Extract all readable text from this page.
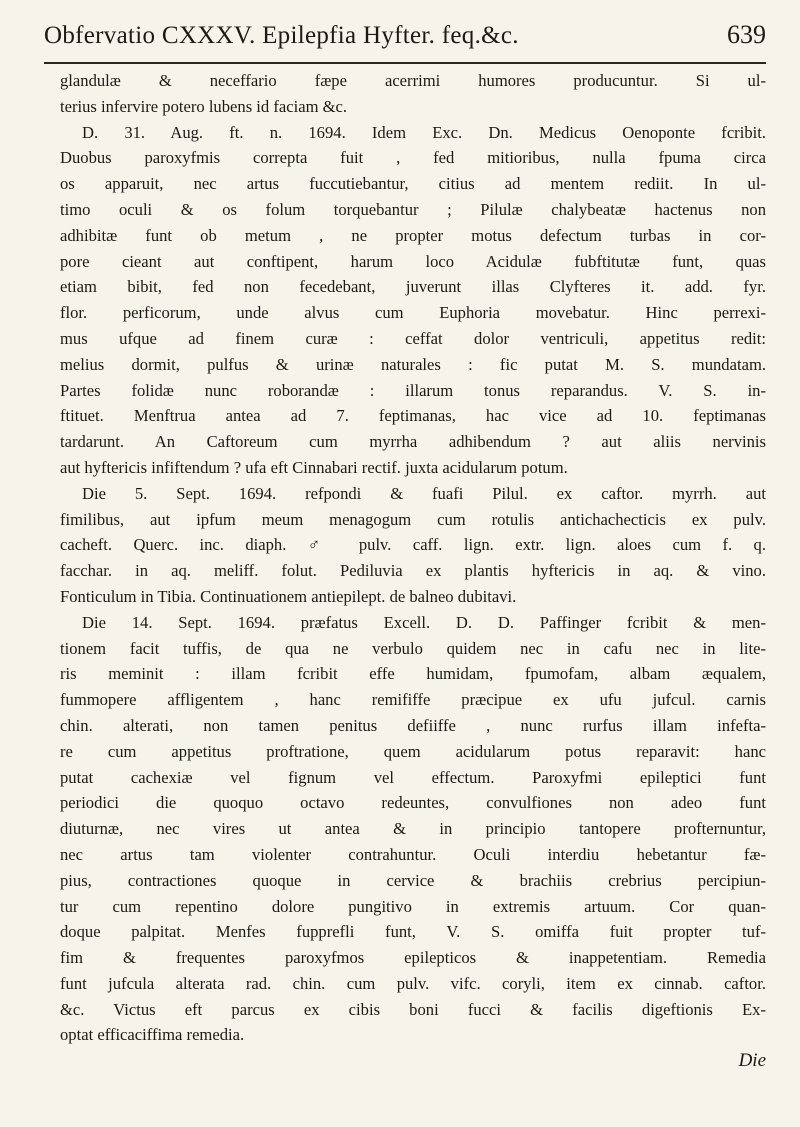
Obfervatio CXXXV. Epilepfia Hyfter. feq.&c.	639
glandulæ & neceffario fæpe acerrimi humores producuntur. Si ul-
terius infervire potero lubens id faciam &c.
D. 31. Aug. ft. n. 1694. Idem Exc. Dn. Medicus Oenoponte fcribit.
Duobus paroxyfmis correpta fuit , fed mitioribus, nulla fpuma circa
os apparuit, nec artus fuccutiebantur, citius ad mentem rediit. In ul-
timo oculi & os folum torquebantur ; Pilulæ chalybeatæ hactenus non
adhibitæ funt ob metum , ne propter motus defectum turbas in cor-
pore cieant aut conftipent, harum loco Acidulæ fubftitutæ funt, quas
etiam bibit, fed non fecedebant, juverunt illas Clyfteres it. add. fyr.
flor. perficorum, unde alvus cum Euphoria movebatur. Hinc perrexi-
mus ufque ad finem curæ : ceffat dolor ventriculi, appetitus redit:
melius dormit, pulfus & urinæ naturales : fic putat M. S. mundatam.
Partes folidæ nunc roborandæ : illarum tonus reparandus. V. S. in-
ftituet. Menftrua antea ad 7. feptimanas, hac vice ad 10. feptimanas
tardarunt. An Caftoreum cum myrrha adhibendum ? aut aliis nervinis
aut hyftericis infiftendum ? ufa eft Cinnabari rectif. juxta acidularum potum.
Die 5. Sept. 1694. refpondi & fuafi Pilul. ex caftor. myrrh. aut
fimilibus, aut ipfum meum menagogum cum rotulis antichachecticis ex pulv.
cacheft. Querc. inc. diaph. ♂ pulv. caff. lign. extr. lign. aloes cum f. q.
facchar. in aq. meliff. folut. Pediluvia ex plantis hyftericis in aq. & vino.
Fonticulum in Tibia. Continuationem antiepilept. de balneo dubitavi.
Die 14. Sept. 1694. præfatus Excell. D. D. Paffinger fcribit & men-
tionem facit tuffis, de qua ne verbulo quidem nec in cafu nec in lite-
ris meminit : illam fcribit effe humidam, fpumofam, albam æqualem,
fummopere affligentem , hanc remififfe præcipue ex ufu jufcul. carnis
chin. alterati, non tamen penitus defiiffe , nunc rurfus illam infefta-
re cum appetitus proftratione, quem acidularum potus reparavit: hanc
putat cachexiæ vel fignum vel effectum. Paroxyfmi epileptici funt
periodici die quoquo octavo redeuntes, convulfiones non adeo funt
diuturnæ, nec vires ut antea & in principio tantopere profternuntur,
nec artus tam violenter contrahuntur. Oculi interdiu hebetantur fæ-
pius, contractiones quoque in cervice & brachiis crebrius percipiun-
tur cum repentino dolore pungitivo in extremis artuum. Cor quan-
doque palpitat. Menfes fupprefli funt, V. S. omiffa fuit propter tuf-
fim & frequentes paroxyfmos epilepticos & inappetentiam. Remedia
funt jufcula alterata rad. chin. cum pulv. vifc. coryli, item ex cinnab. caftor.
&c. Victus eft parcus ex cibis boni fucci & facilis digeftionis Ex-
optat efficaciffima remedia.
Die
